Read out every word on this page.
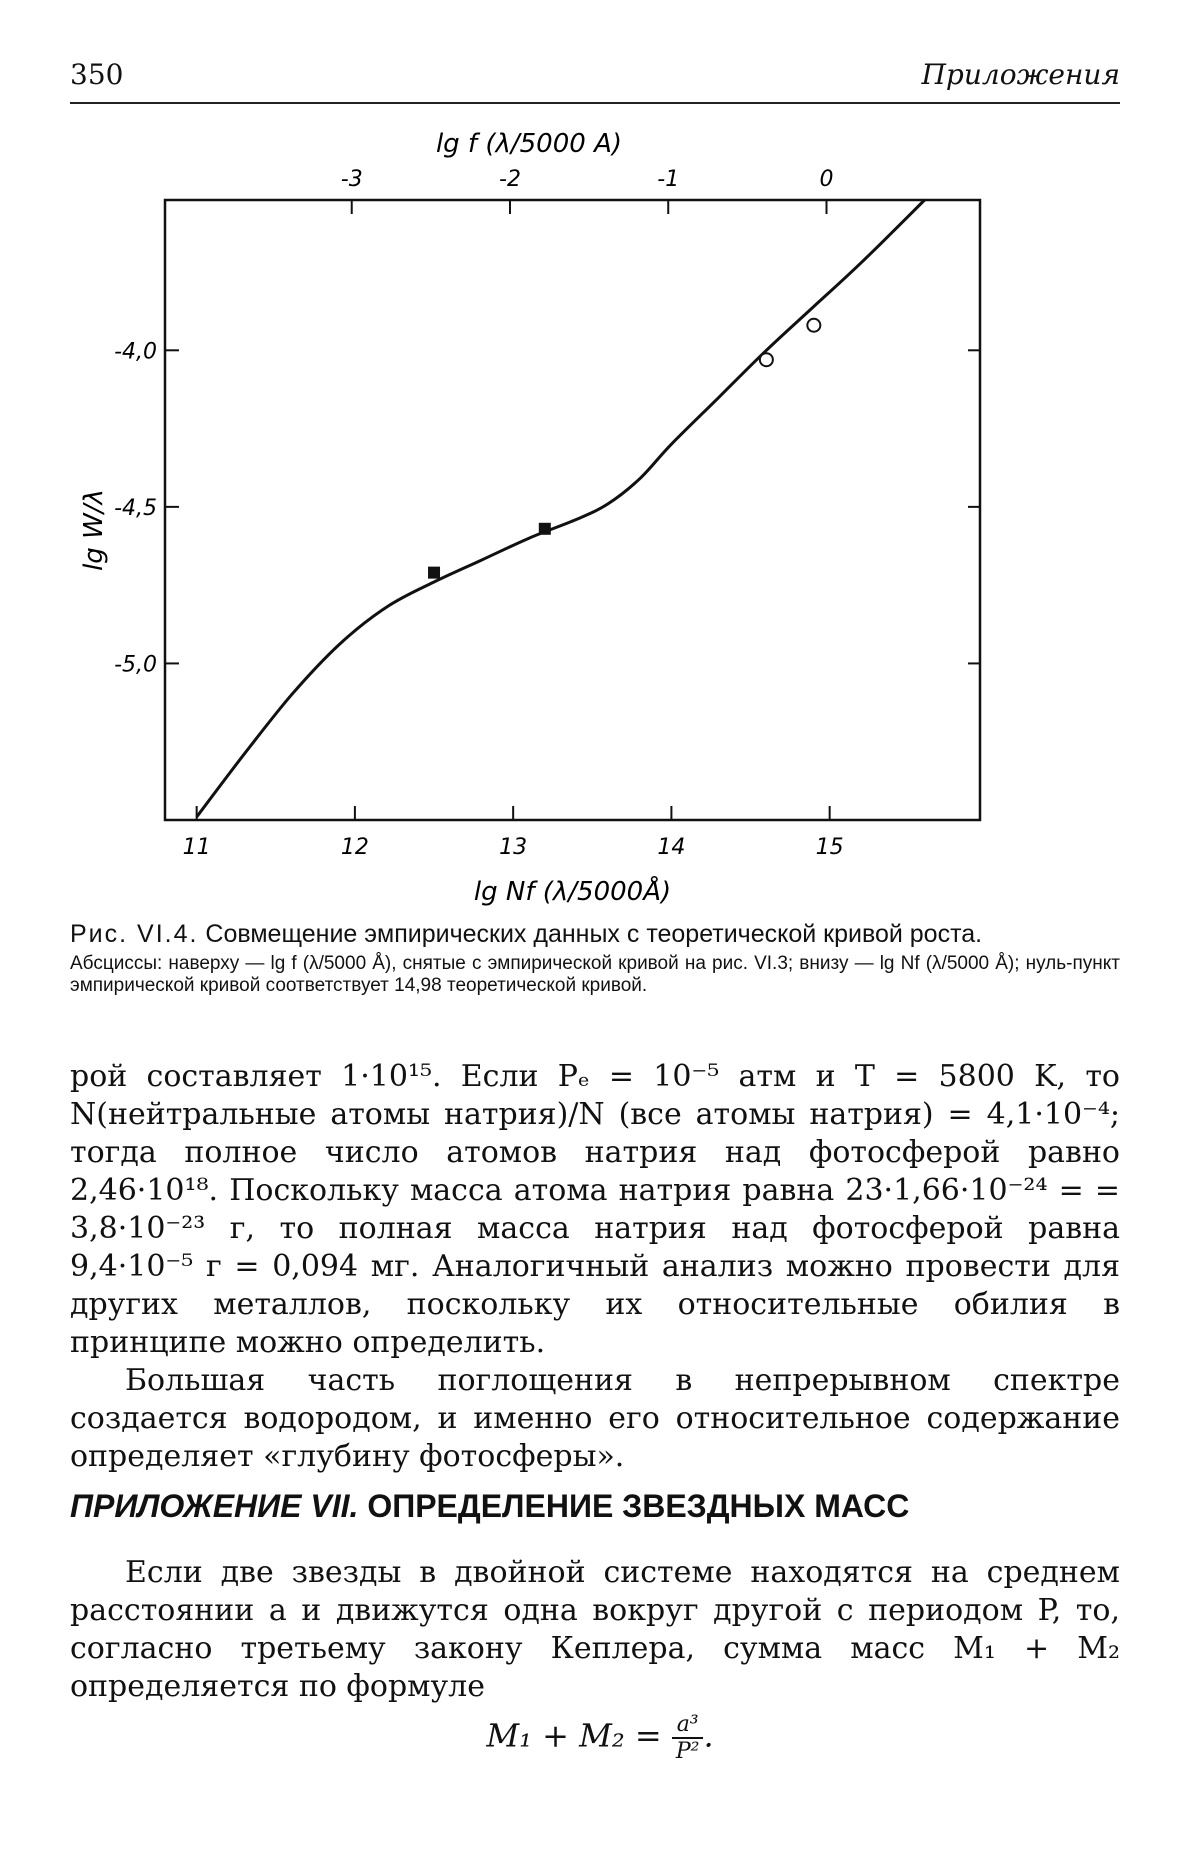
350	Приложения
11	12	13	14	15
-3	-2	-1	0
-4,0
-4,5
-5,0
lg Nf (λ/5000Å)
lg f (λ/5000 A)
lg W/λ
Рис. VI.4. Совмещение эмпирических данных с теоретической кривой роста.
Абсциссы: наверху — lg f (λ/5000 Å), снятые с эмпирической кривой на рис. VI.3; внизу — lg Nf (λ/5000 Å); нуль-пункт эмпирической кривой соответствует 14,98 теоретической кривой.

рой составляет 1·10¹⁵. Если Pₑ = 10⁻⁵ атм и T = 5800 K, то N(нейтральные атомы натрия)/N (все атомы натрия) = 4,1·10⁻⁴; тогда полное число атомов натрия над фотосферой равно 2,46·10¹⁸. Поскольку масса атома натрия равна 23·1,66·10⁻²⁴ = = 3,8·10⁻²³ г, то полная масса натрия над фотосферой равна 9,4·10⁻⁵ г = 0,094 мг. Аналогичный анализ можно провести для других металлов, поскольку их относительные обилия в принципе можно определить.

Большая часть поглощения в непрерывном спектре создается водородом, и именно его относительное содержание определяет «глубину фотосферы».

ПРИЛОЖЕНИЕ VII. ОПРЕДЕЛЕНИЕ ЗВЕЗДНЫХ МАСС

Если две звезды в двойной системе находятся на среднем расстоянии a и движутся одна вокруг другой с периодом P, то, согласно третьему закону Кеплера, сумма масс M₁ + M₂ определяется по формуле

$M_1 + M_2 = \frac{\text{a³}}{\text{P²}}$ .
